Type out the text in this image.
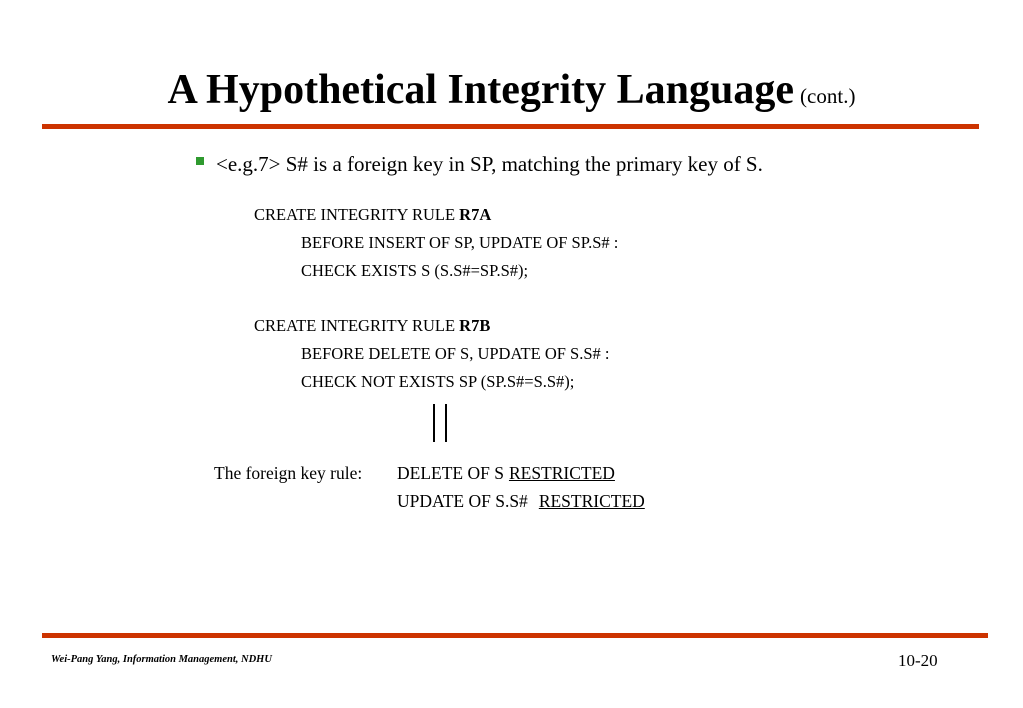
A Hypothetical Integrity Language (cont.)
<e.g.7> S# is a foreign key in SP, matching the primary key of S.
CREATE INTEGRITY RULE R7A
BEFORE INSERT OF SP, UPDATE OF SP.S# :
CHECK EXISTS S (S.S#=SP.S#);
CREATE INTEGRITY RULE R7B
BEFORE DELETE OF S, UPDATE OF S.S# :
CHECK NOT EXISTS SP (SP.S#=S.S#);
The foreign key rule: DELETE OF S RESTRICTED
UPDATE OF S.S# RESTRICTED
Wei-Pang Yang, Information Management, NDHU	10-20
